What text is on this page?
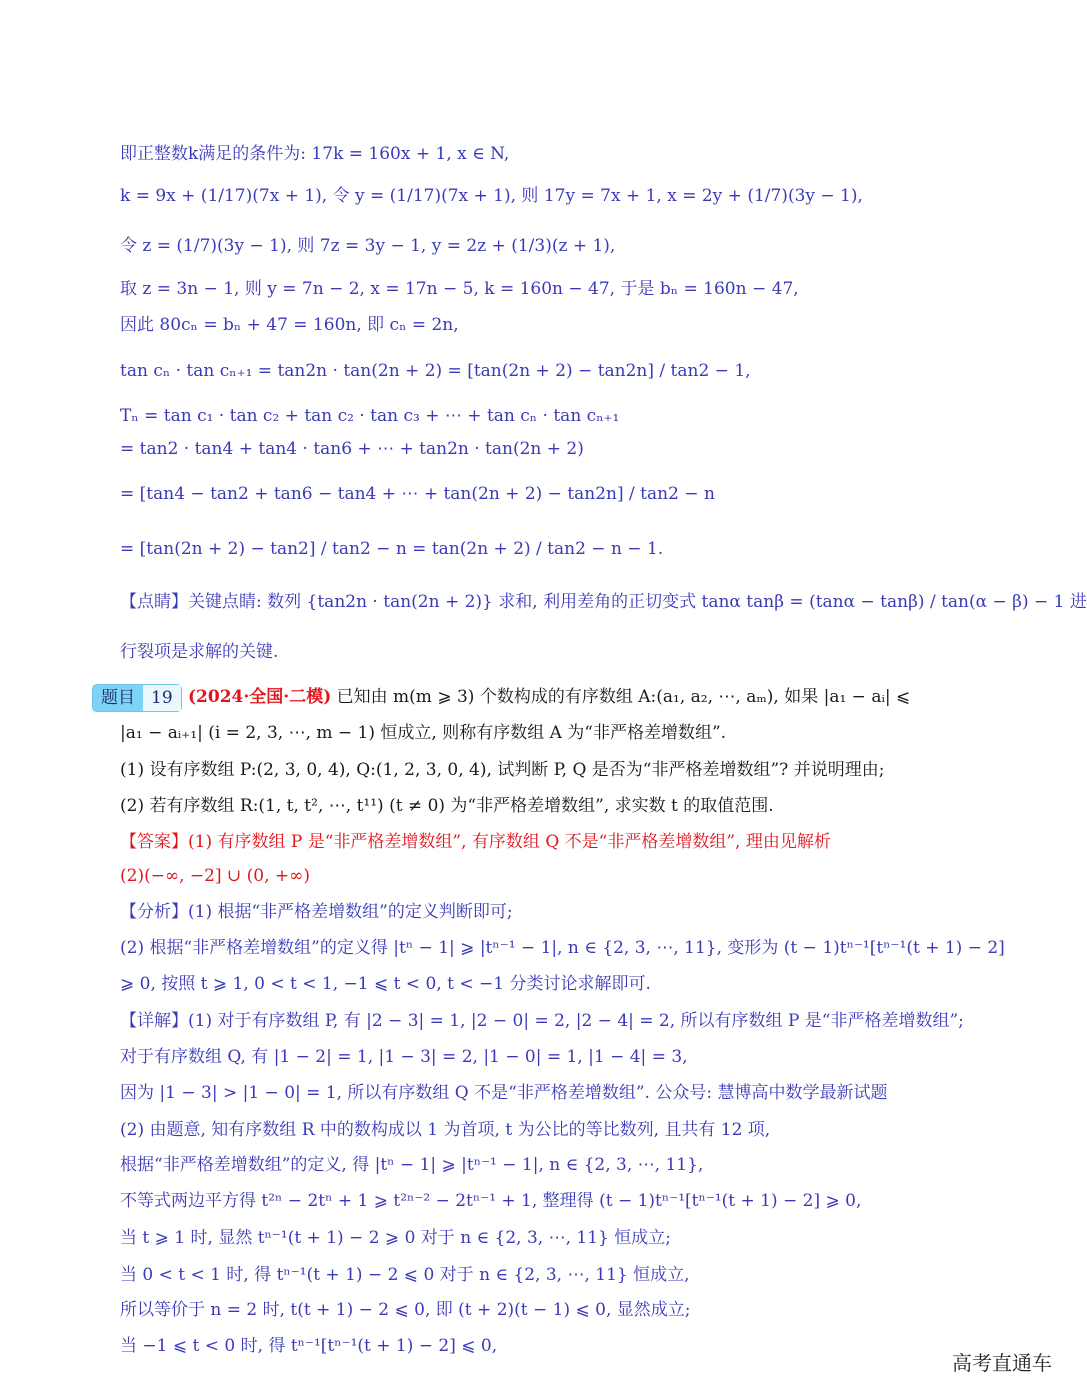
即正整数k满足的条件为: 17k = 160x + 1, x ∈ N,
k = 9x + (1/17)(7x + 1), 令 y = (1/17)(7x + 1), 则 17y = 7x + 1, x = 2y + (1/7)(3y − 1),
令 z = (1/7)(3y − 1), 则 7z = 3y − 1, y = 2z + (1/3)(z + 1),
取 z = 3n − 1, 则 y = 7n − 2, x = 17n − 5, k = 160n − 47, 于是 bₙ = 160n − 47,
因此 80cₙ = bₙ + 47 = 160n, 即 cₙ = 2n,
tan cₙ · tan cₙ₊₁ = tan2n · tan(2n + 2) = [tan(2n + 2) − tan2n] / tan2 − 1,
Tₙ = tan c₁ · tan c₂ + tan c₂ · tan c₃ + ⋯ + tan cₙ · tan cₙ₊₁
= tan2 · tan4 + tan4 · tan6 + ⋯ + tan2n · tan(2n + 2)
= [tan4 − tan2 + tan6 − tan4 + ⋯ + tan(2n + 2) − tan2n] / tan2 − n
= [tan(2n + 2) − tan2] / tan2 − n = tan(2n + 2) / tan2 − n − 1.
【点睛】关键点睛: 数列 {tan2n · tan(2n + 2)} 求和, 利用差角的正切变式 tanα tanβ = (tanα − tanβ) / tan(α − β) − 1 进
行裂项是求解的关键.
题目 19 (2024·全国·二模) 已知由 m(m ⩾ 3) 个数构成的有序数组 A:(a₁, a₂, ⋯, aₘ), 如果 |a₁ − aᵢ| ⩽
|a₁ − aᵢ₊₁| (i = 2, 3, ⋯, m − 1) 恒成立, 则称有序数组 A 为“非严格差增数组”.
(1) 设有序数组 P:(2, 3, 0, 4), Q:(1, 2, 3, 0, 4), 试判断 P, Q 是否为“非严格差增数组”? 并说明理由;
(2) 若有序数组 R:(1, t, t², ⋯, t¹¹) (t ≠ 0) 为“非严格差增数组”, 求实数 t 的取值范围.
【答案】(1) 有序数组 P 是“非严格差增数组”, 有序数组 Q 不是“非严格差增数组”, 理由见解析
(2)(−∞, −2] ∪ (0, +∞)
【分析】(1) 根据“非严格差增数组”的定义判断即可;
(2) 根据“非严格差增数组”的定义得 |tⁿ − 1| ⩾ |tⁿ⁻¹ − 1|, n ∈ {2, 3, ⋯, 11}, 变形为 (t − 1)tⁿ⁻¹[tⁿ⁻¹(t + 1) − 2]
⩾ 0, 按照 t ⩾ 1, 0 < t < 1, −1 ⩽ t < 0, t < −1 分类讨论求解即可.
【详解】(1) 对于有序数组 P, 有 |2 − 3| = 1, |2 − 0| = 2, |2 − 4| = 2, 所以有序数组 P 是“非严格差增数组”;
对于有序数组 Q, 有 |1 − 2| = 1, |1 − 3| = 2, |1 − 0| = 1, |1 − 4| = 3,
因为 |1 − 3| > |1 − 0| = 1, 所以有序数组 Q 不是“非严格差增数组”. 公众号: 慧博高中数学最新试题
(2) 由题意, 知有序数组 R 中的数构成以 1 为首项, t 为公比的等比数列, 且共有 12 项,
根据“非严格差增数组”的定义, 得 |tⁿ − 1| ⩾ |tⁿ⁻¹ − 1|, n ∈ {2, 3, ⋯, 11},
不等式两边平方得 t²ⁿ − 2tⁿ + 1 ⩾ t²ⁿ⁻² − 2tⁿ⁻¹ + 1, 整理得 (t − 1)tⁿ⁻¹[tⁿ⁻¹(t + 1) − 2] ⩾ 0,
当 t ⩾ 1 时, 显然 tⁿ⁻¹(t + 1) − 2 ⩾ 0 对于 n ∈ {2, 3, ⋯, 11} 恒成立;
当 0 < t < 1 时, 得 tⁿ⁻¹(t + 1) − 2 ⩽ 0 对于 n ∈ {2, 3, ⋯, 11} 恒成立,
所以等价于 n = 2 时, t(t + 1) − 2 ⩽ 0, 即 (t + 2)(t − 1) ⩽ 0, 显然成立;
当 −1 ⩽ t < 0 时, 得 tⁿ⁻¹[tⁿ⁻¹(t + 1) − 2] ⩽ 0,
高考直通车
